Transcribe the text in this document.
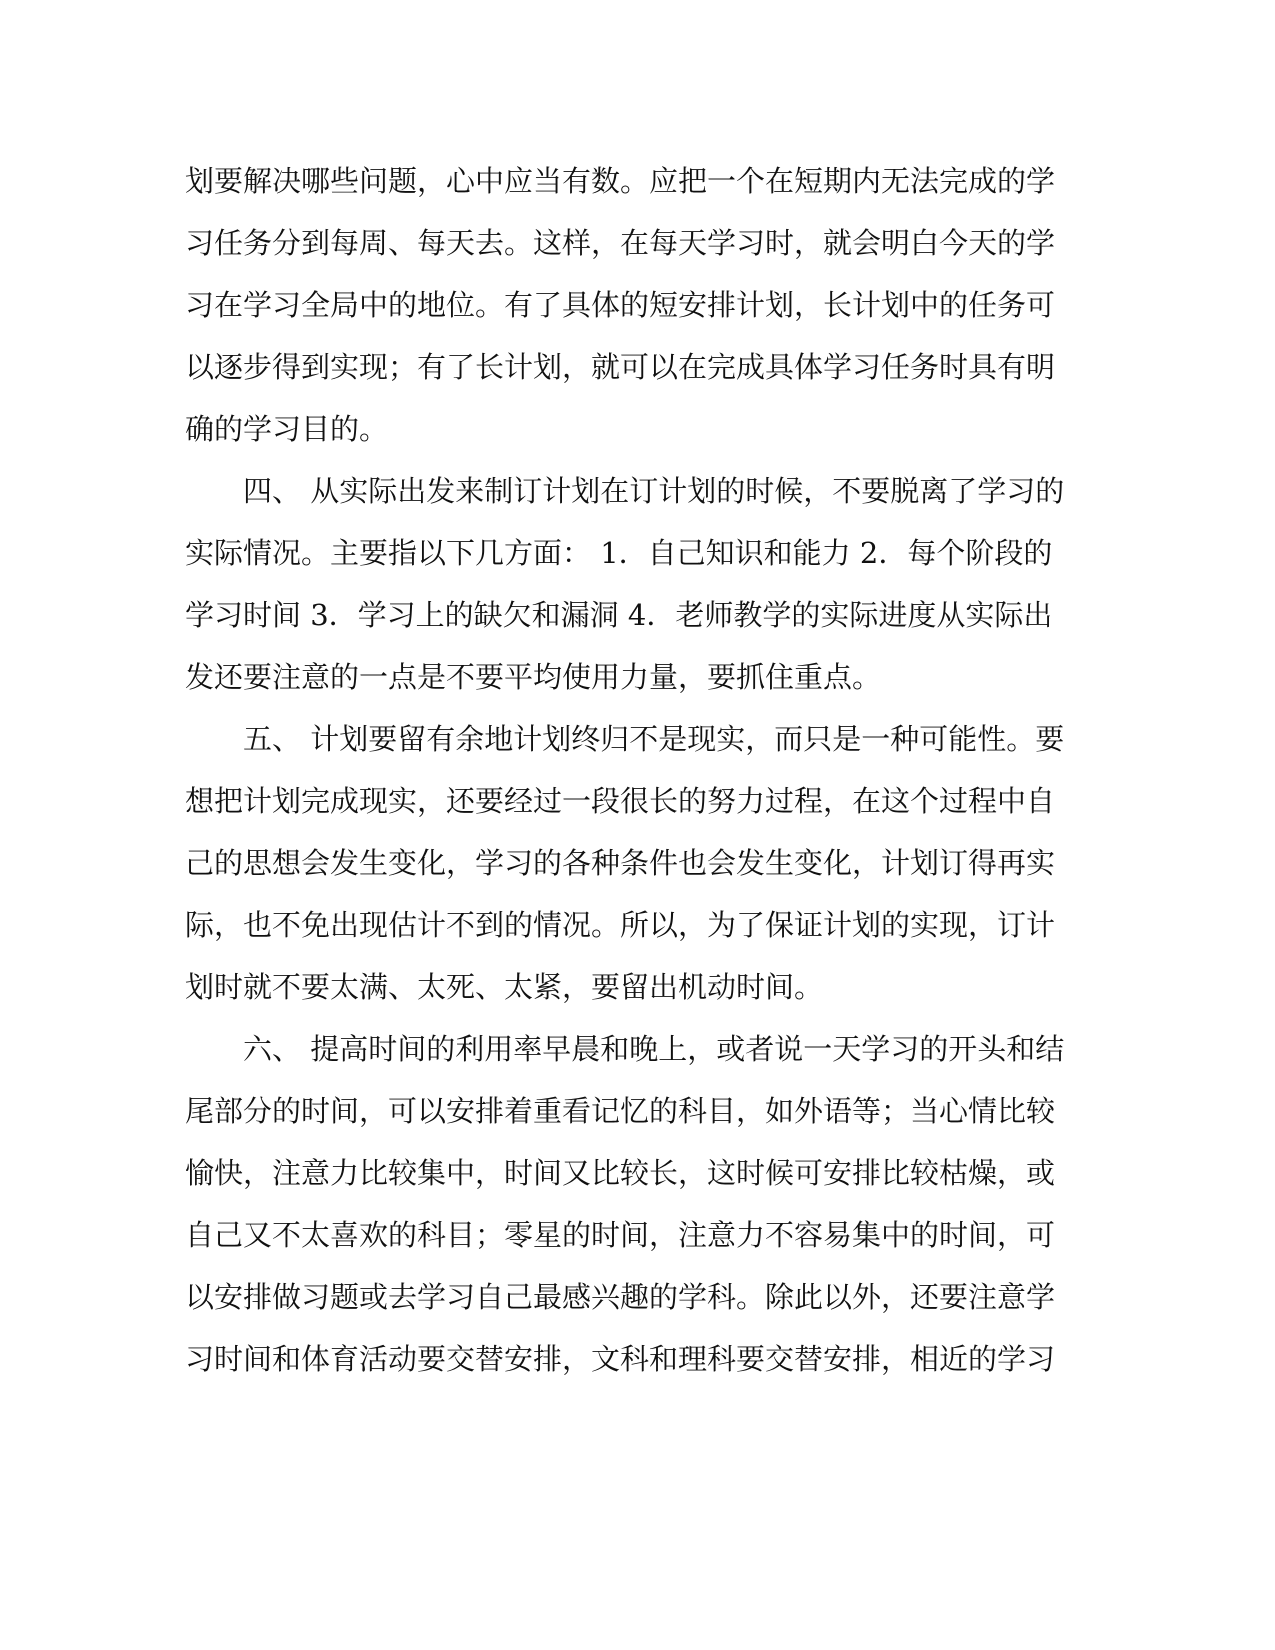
划要解决哪些问题，心中应当有数。应把一个在短期内无法完成的学
习任务分到每周、每天去。这样，在每天学习时，就会明白今天的学
习在学习全局中的地位。有了具体的短安排计划，长计划中的任务可
以逐步得到实现；有了长计划，就可以在完成具体学习任务时具有明
确的学习目的。
四、 从实际出发来制订计划在订计划的时候，不要脱离了学习的
实际情况。主要指以下几方面： 1．自己知识和能力 2．每个阶段的
学习时间 3．学习上的缺欠和漏洞 4．老师教学的实际进度从实际出
发还要注意的一点是不要平均使用力量，要抓住重点。
五、 计划要留有余地计划终归不是现实，而只是一种可能性。要
想把计划完成现实，还要经过一段很长的努力过程，在这个过程中自
己的思想会发生变化，学习的各种条件也会发生变化，计划订得再实
际，也不免出现估计不到的情况。所以，为了保证计划的实现，订计
划时就不要太满、太死、太紧，要留出机动时间。
六、 提高时间的利用率早晨和晚上，或者说一天学习的开头和结
尾部分的时间，可以安排着重看记忆的科目，如外语等；当心情比较
愉快，注意力比较集中，时间又比较长，这时候可安排比较枯燥，或
自己又不太喜欢的科目；零星的时间，注意力不容易集中的时间，可
以安排做习题或去学习自己最感兴趣的学科。除此以外，还要注意学
习时间和体育活动要交替安排，文科和理科要交替安排，相近的学习
